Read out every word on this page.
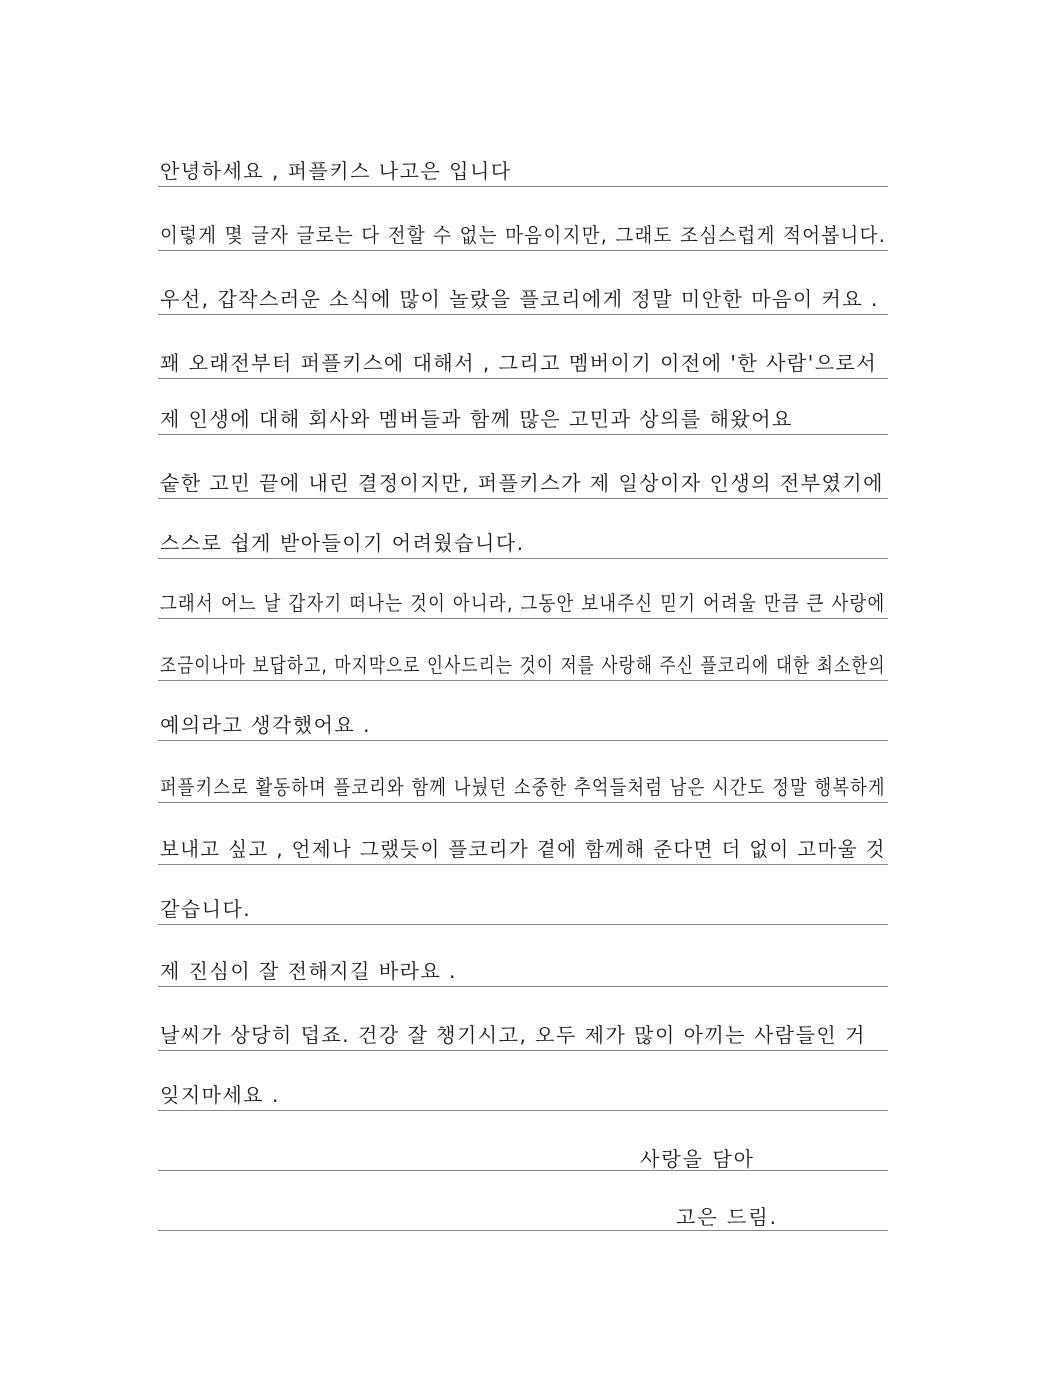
안녕하세요 , 퍼플키스 나고은 입니다
이렇게 몇 글자 글로는 다 전할 수 없는 마음이지만, 그래도 조심스럽게 적어봅니다.
우선, 갑작스러운 소식에 많이 놀랐을 플코리에게 정말 미안한 마음이 커요 .
꽤 오래전부터 퍼플키스에 대해서 , 그리고 멤버이기 이전에 '한 사람'으로서
제 인생에 대해 회사와 멤버들과 함께 많은 고민과 상의를 해왔어요
숱한 고민 끝에 내린 결정이지만, 퍼플키스가 제 일상이자 인생의 전부였기에
스스로 쉽게 받아들이기 어려웠습니다.
그래서 어느 날 갑자기 떠나는 것이 아니라, 그동안 보내주신 믿기 어려울 만큼 큰 사랑에
조금이나마 보답하고, 마지막으로 인사드리는 것이 저를 사랑해 주신 플코리에 대한 최소한의
예의라고 생각했어요 .
퍼플키스로 활동하며 플코리와 함께 나눴던 소중한 추억들처럼 남은 시간도 정말 행복하게
보내고 싶고 , 언제나 그랬듯이 플코리가 곁에 함께해 준다면 더 없이 고마울 것
같습니다.
제 진심이 잘 전해지길 바라요 .
날씨가 상당히 덥죠. 건강 잘 챙기시고, 오두 제가 많이 아끼는 사람들인 거
잊지마세요 .
사랑을 담아
고은 드림.
